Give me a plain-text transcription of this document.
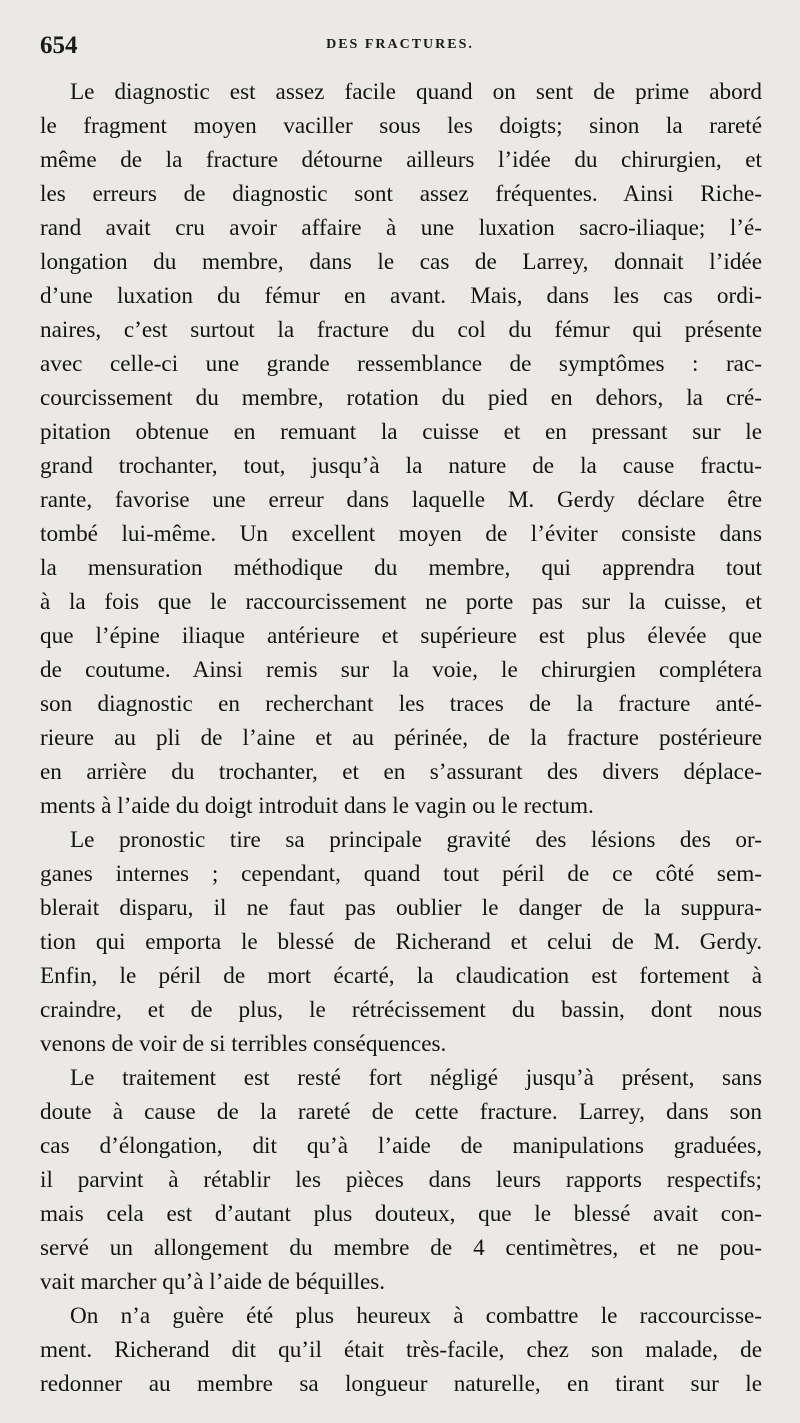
654	DES FRACTURES.
Le diagnostic est assez facile quand on sent de prime abord
le fragment moyen vaciller sous les doigts; sinon la rareté
même de la fracture détourne ailleurs l’idée du chirurgien, et
les erreurs de diagnostic sont assez fréquentes. Ainsi Riche-
rand avait cru avoir affaire à une luxation sacro-iliaque; l’é-
longation du membre, dans le cas de Larrey, donnait l’idée
d’une luxation du fémur en avant. Mais, dans les cas ordi-
naires, c’est surtout la fracture du col du fémur qui présente
avec celle-ci une grande ressemblance de symptômes : rac-
courcissement du membre, rotation du pied en dehors, la cré-
pitation obtenue en remuant la cuisse et en pressant sur le
grand trochanter, tout, jusqu’à la nature de la cause fractu-
rante, favorise une erreur dans laquelle M. Gerdy déclare être
tombé lui-même. Un excellent moyen de l’éviter consiste dans
la mensuration méthodique du membre, qui apprendra tout
à la fois que le raccourcissement ne porte pas sur la cuisse, et
que l’épine iliaque antérieure et supérieure est plus élevée que
de coutume. Ainsi remis sur la voie, le chirurgien complétera
son diagnostic en recherchant les traces de la fracture anté-
rieure au pli de l’aine et au périnée, de la fracture postérieure
en arrière du trochanter, et en s’assurant des divers déplace-
ments à l’aide du doigt introduit dans le vagin ou le rectum.
Le pronostic tire sa principale gravité des lésions des or-
ganes internes ; cependant, quand tout péril de ce côté sem-
blerait disparu, il ne faut pas oublier le danger de la suppura-
tion qui emporta le blessé de Richerand et celui de M. Gerdy.
Enfin, le péril de mort écarté, la claudication est fortement à
craindre, et de plus, le rétrécissement du bassin, dont nous
venons de voir de si terribles conséquences.
Le traitement est resté fort négligé jusqu’à présent, sans
doute à cause de la rareté de cette fracture. Larrey, dans son
cas d’élongation, dit qu’à l’aide de manipulations graduées,
il parvint à rétablir les pièces dans leurs rapports respectifs;
mais cela est d’autant plus douteux, que le blessé avait con-
servé un allongement du membre de 4 centimètres, et ne pou-
vait marcher qu’à l’aide de béquilles.
On n’a guère été plus heureux à combattre le raccourcisse-
ment. Richerand dit qu’il était très-facile, chez son malade, de
redonner au membre sa longueur naturelle, en tirant sur le
